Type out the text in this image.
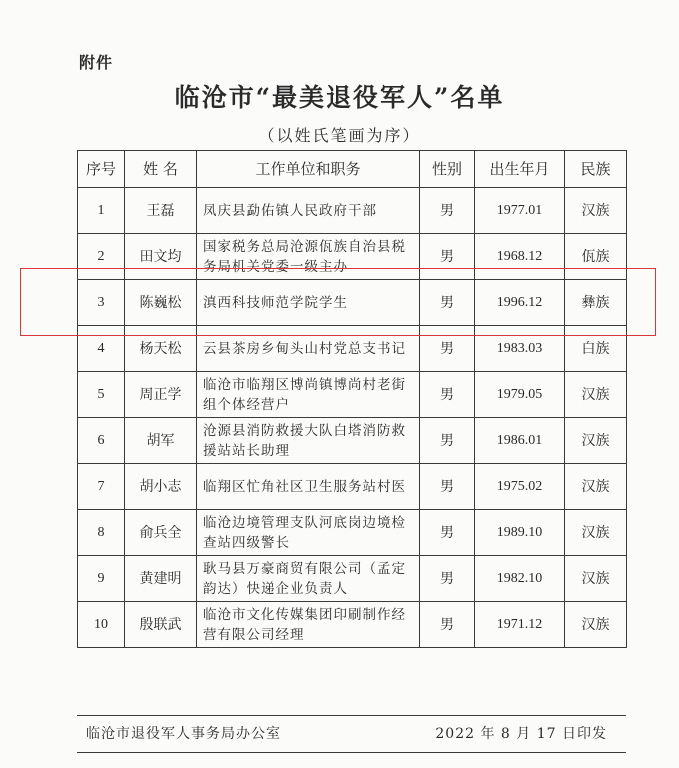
附件
临沧市“最美退役军人”名单
（以姓氏笔画为序）
序号	姓 名	工作单位和职务	性别	出生年月	民族
1	王磊	凤庆县勐佑镇人民政府干部	男	1977.01	汉族
2	田文均	国家税务总局沧源佤族自治县税务局机关党委一级主办	男	1968.12	佤族
3	陈巍松	滇西科技师范学院学生	男	1996.12	彝族
4	杨天松	云县茶房乡甸头山村党总支书记	男	1983.03	白族
5	周正学	临沧市临翔区博尚镇博尚村老街组个体经营户	男	1979.05	汉族
6	胡军	沧源县消防救援大队白塔消防救援站站长助理	男	1986.01	汉族
7	胡小志	临翔区忙角社区卫生服务站村医	男	1975.02	汉族
8	俞兵全	临沧边境管理支队河底岗边境检查站四级警长	男	1989.10	汉族
9	黄建明	耿马县万豪商贸有限公司（孟定韵达）快递企业负责人	男	1982.10	汉族
10	殷联武	临沧市文化传媒集团印刷制作经营有限公司经理	男	1971.12	汉族
临沧市退役军人事务局办公室	2022 年 8 月 17 日印发
